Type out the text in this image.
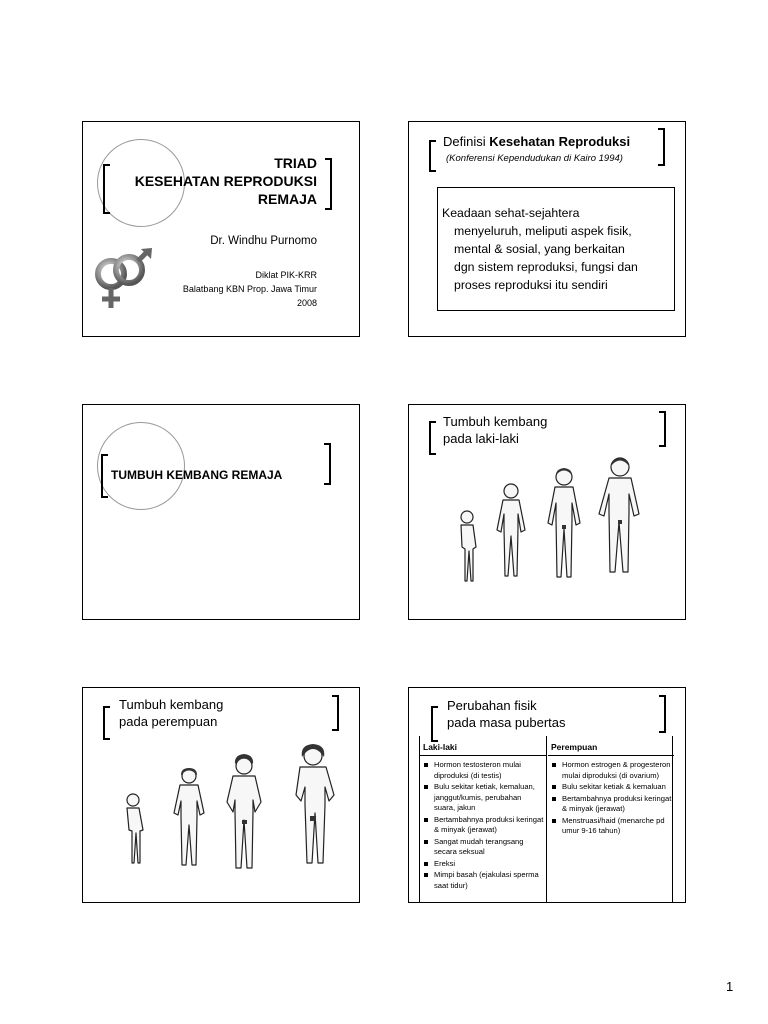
TRIAD
KESEHATAN REPRODUKSI
REMAJA
Dr. Windhu Purnomo
Diklat PIK-KRR
Balatbang KBN Prop. Jawa Timur
2008
Definisi Kesehatan Reproduksi
(Konferensi Kependudukan di Kairo 1994)
Keadaan sehat-sejahtera
menyeluruh, meliputi aspek fisik,
mental & sosial, yang berkaitan
dgn sistem reproduksi, fungsi dan
proses reproduksi itu sendiri
TUMBUH KEMBANG REMAJA
Tumbuh kembang
pada laki-laki
Tumbuh kembang
pada perempuan
Perubahan fisik
pada masa pubertas
Laki-laki
Hormon testosteron mulai diproduksi (di testis)
Bulu sekitar ketiak, kemaluan, janggut/kumis, perubahan suara, jakun
Bertambahnya produksi keringat & minyak (jerawat)
Sangat mudah terangsang secara seksual
Ereksi
Mimpi basah (ejakulasi sperma saat tidur)
Perempuan
Hormon estrogen & progesteron mulai diproduksi (di ovarium)
Bulu sekitar ketiak & kemaluan
Bertambahnya produksi keringat & minyak (jerawat)
Menstruasi/haid (menarche pd umur 9-16 tahun)
1
